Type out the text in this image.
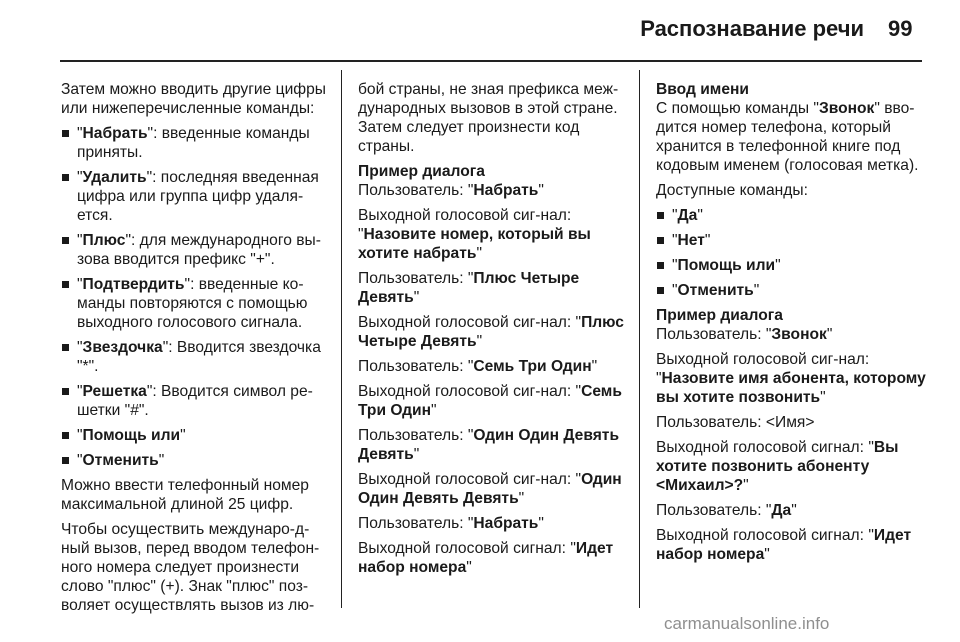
Распознавание речи 99

Затем можно вводить другие цифры или нижеперечисленные команды:

"Набрать": введенные команды приняты.
"Удалить": последняя введенная цифра или группа цифр удаля-ется.
"Плюс": для международного вы-зова вводится префикс "+".
"Подтвердить": введенные ко-манды повторяются с помощью выходного голосового сигнала.
"Звездочка": Вводится звездочка "*".
"Решетка": Вводится символ ре-шетки "#".
"Помощь или"
"Отменить"

Можно ввести телефонный номер максимальной длиной 25 цифр.

Чтобы осуществить междунаро-д-ный вызов, перед вводом телефон-ного номера следует произнести слово "плюс" (+). Знак "плюс" поз-воляет осуществлять вызов из лю-

бой страны, не зная префикса меж-дународных вызовов в этой стране. Затем следует произнести код страны.

Пример диалога
Пользователь: "Набрать"
Выходной голосовой сиг-нал: "Назовите номер, который вы хотите набрать"
Пользователь: "Плюс Четыре Девять"
Выходной голосовой сиг-нал: "Плюс Четыре Девять"
Пользователь: "Семь Три Один"
Выходной голосовой сиг-нал: "Семь Три Один"
Пользователь: "Один Один Девять Девять"
Выходной голосовой сиг-нал: "Один Один Девять Девять"
Пользователь: "Набрать"
Выходной голосовой сигнал: "Идет набор номера"
Ввод имени

С помощью команды "Звонок" вво-дится номер телефона, который хранится в телефонной книге под кодовым именем (голосовая метка).

Доступные команды:

"Да"
"Нет"
"Помощь или"
"Отменить"
Пример диалога
Пользователь: "Звонок"
Выходной голосовой сиг-нал: "Назовите имя абонента, которому вы хотите позвонить"
Пользователь: <Имя>
Выходной голосовой сигнал: "Вы хотите позвонить абоненту <Михаил>?"
Пользователь: "Да"
Выходной голосовой сигнал: "Идет набор номера"
carmanualsonline.info
